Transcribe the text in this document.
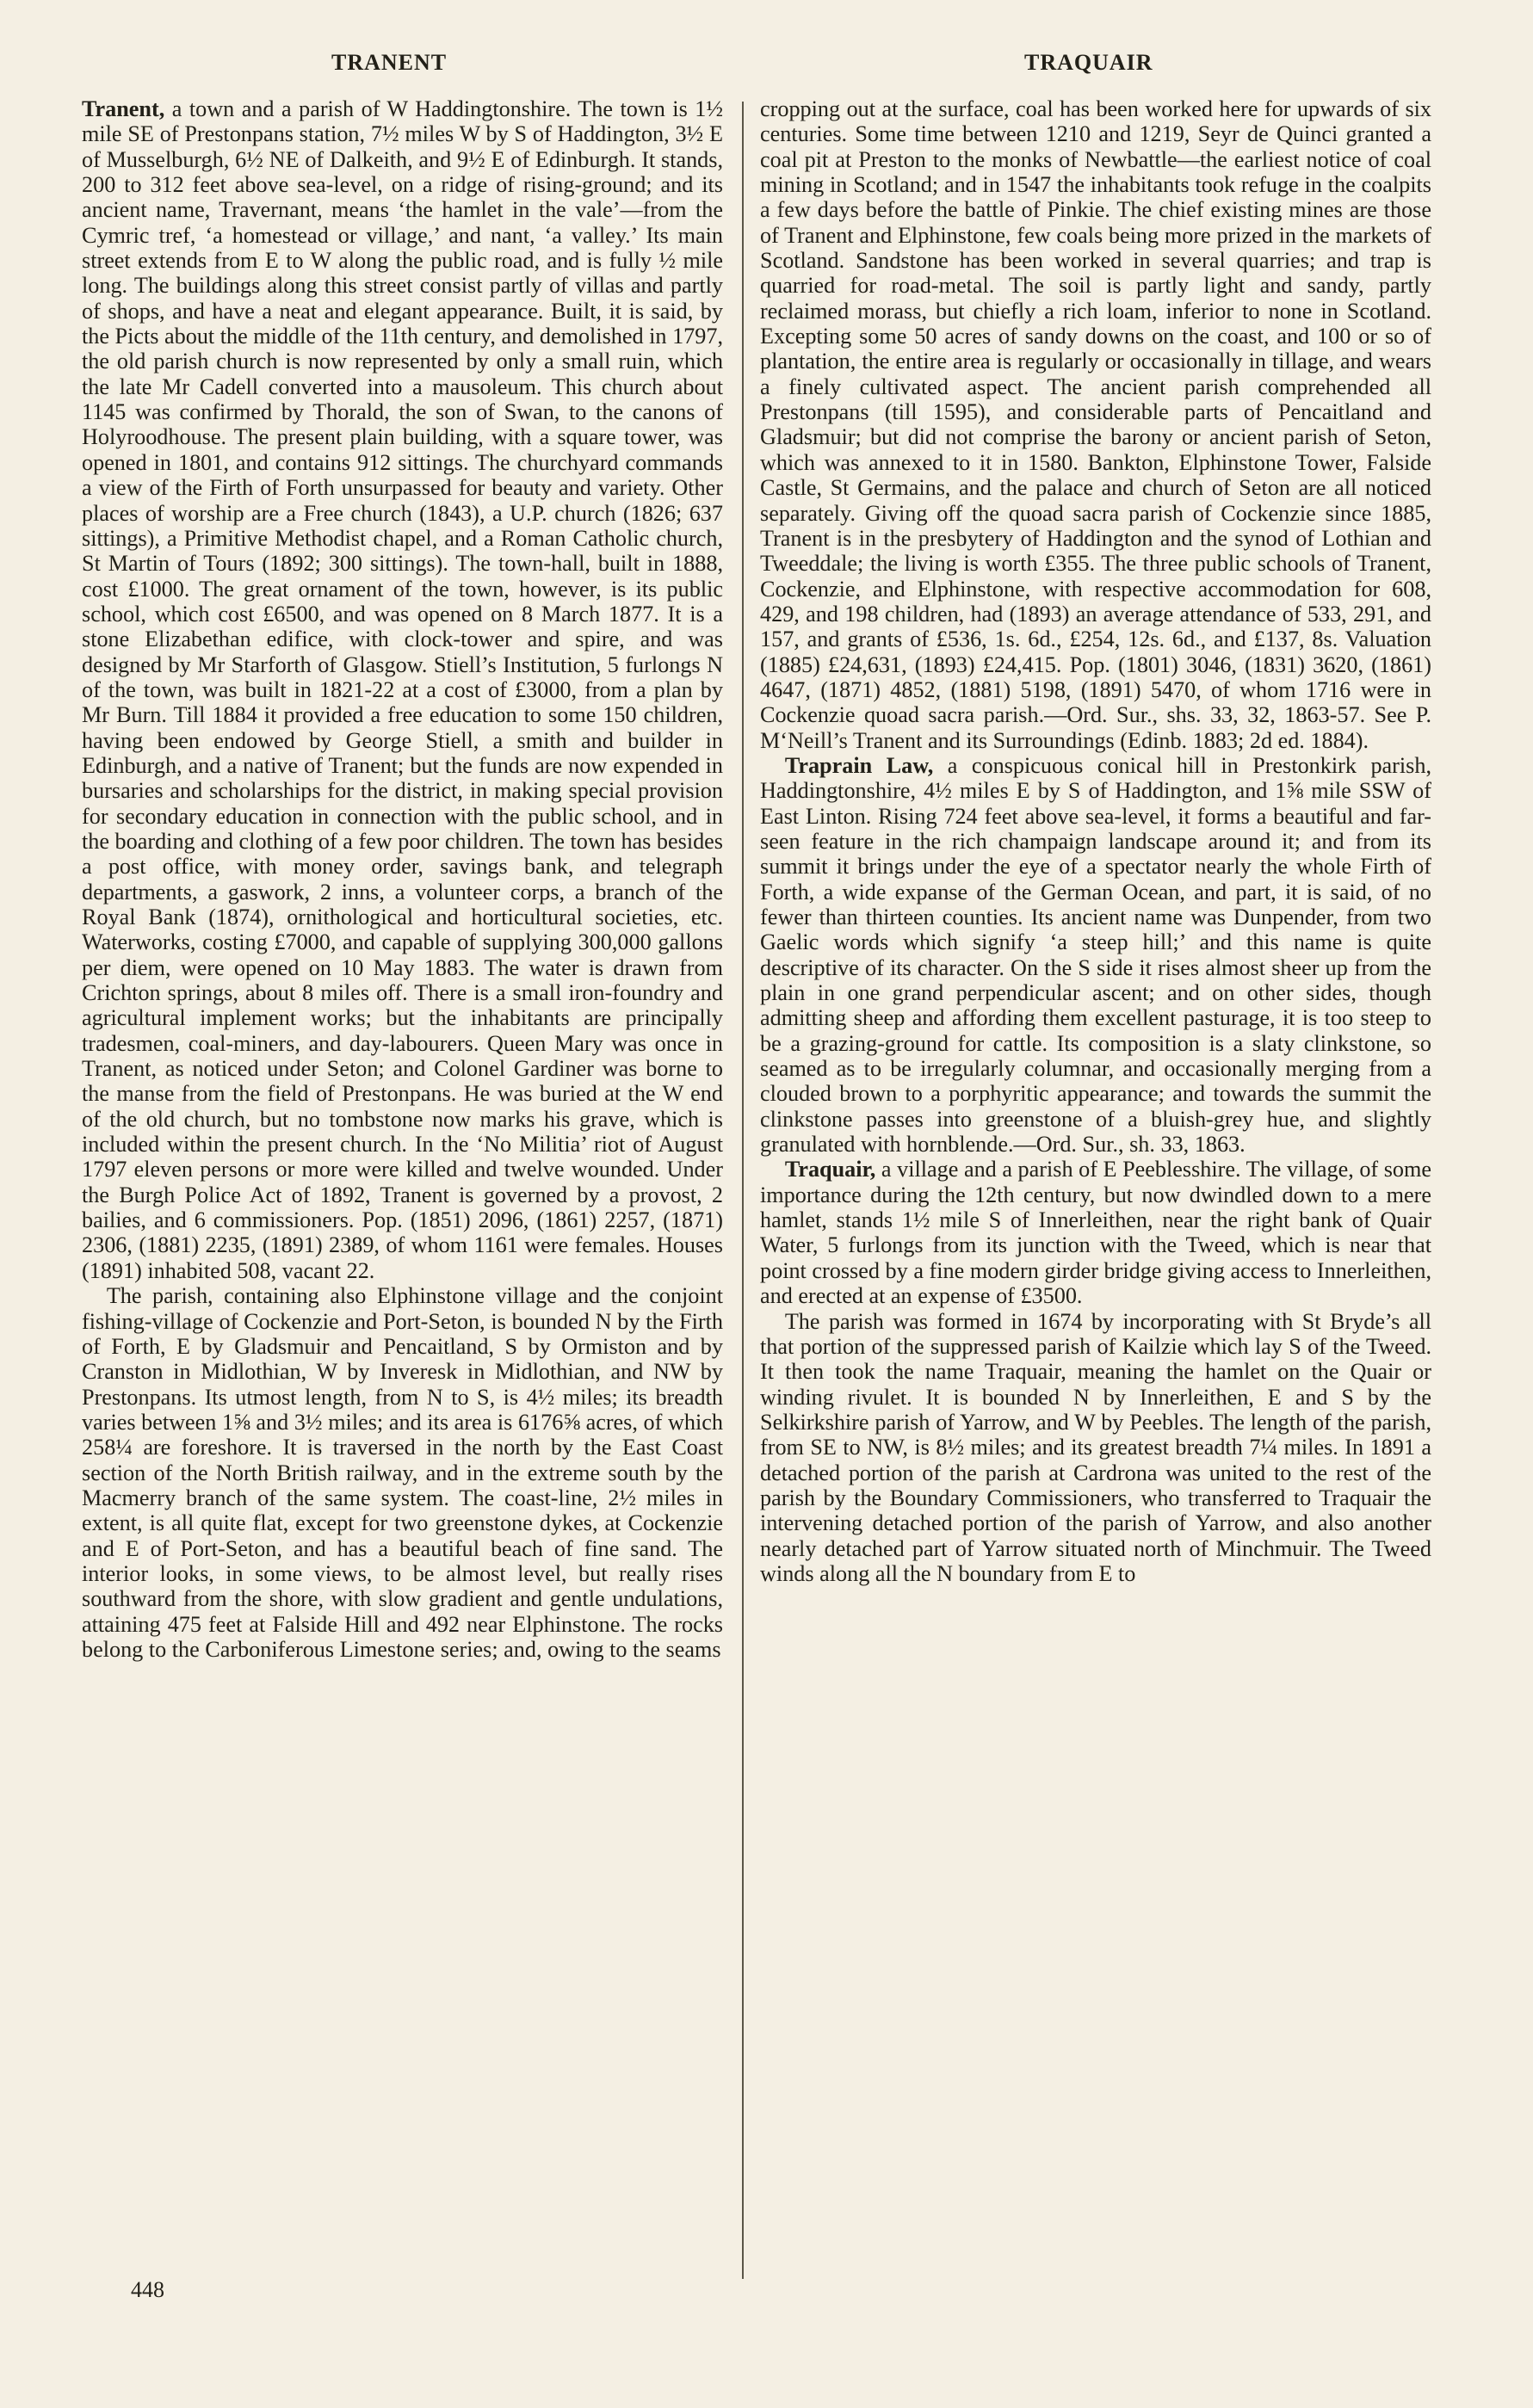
TRANENT	TRAQUAIR

Tranent, a town and a parish of W Haddingtonshire. The town is 1½ mile SE of Prestonpans station, 7½ miles W by S of Haddington, 3½ E of Musselburgh, 6½ NE of Dalkeith, and 9½ E of Edinburgh. It stands, 200 to 312 feet above sea-level, on a ridge of rising-ground; and its ancient name, Travernant, means ‘the hamlet in the vale’—from the Cymric tref, ‘a homestead or village,’ and nant, ‘a valley.’ Its main street extends from E to W along the public road, and is fully ½ mile long. The buildings along this street consist partly of villas and partly of shops, and have a neat and elegant appearance. Built, it is said, by the Picts about the middle of the 11th century, and demolished in 1797, the old parish church is now represented by only a small ruin, which the late Mr Cadell converted into a mausoleum. This church about 1145 was confirmed by Thorald, the son of Swan, to the canons of Holyroodhouse. The present plain building, with a square tower, was opened in 1801, and contains 912 sittings. The churchyard commands a view of the Firth of Forth unsurpassed for beauty and variety. Other places of worship are a Free church (1843), a U.P. church (1826; 637 sittings), a Primitive Methodist chapel, and a Roman Catholic church, St Martin of Tours (1892; 300 sittings). The town-hall, built in 1888, cost £1000. The great ornament of the town, however, is its public school, which cost £6500, and was opened on 8 March 1877. It is a stone Elizabethan edifice, with clock-tower and spire, and was designed by Mr Starforth of Glasgow. Stiell’s Institution, 5 furlongs N of the town, was built in 1821-22 at a cost of £3000, from a plan by Mr Burn. Till 1884 it provided a free education to some 150 children, having been endowed by George Stiell, a smith and builder in Edinburgh, and a native of Tranent; but the funds are now expended in bursaries and scholarships for the district, in making special provision for secondary education in connection with the public school, and in the boarding and clothing of a few poor children. The town has besides a post office, with money order, savings bank, and telegraph departments, a gaswork, 2 inns, a volunteer corps, a branch of the Royal Bank (1874), ornithological and horticultural societies, etc. Waterworks, costing £7000, and capable of supplying 300,000 gallons per diem, were opened on 10 May 1883. The water is drawn from Crichton springs, about 8 miles off. There is a small iron-foundry and agricultural implement works; but the inhabitants are principally tradesmen, coal-miners, and day-labourers. Queen Mary was once in Tranent, as noticed under Seton; and Colonel Gardiner was borne to the manse from the field of Prestonpans. He was buried at the W end of the old church, but no tombstone now marks his grave, which is included within the present church. In the ‘No Militia’ riot of August 1797 eleven persons or more were killed and twelve wounded. Under the Burgh Police Act of 1892, Tranent is governed by a provost, 2 bailies, and 6 commissioners. Pop. (1851) 2096, (1861) 2257, (1871) 2306, (1881) 2235, (1891) 2389, of whom 1161 were females. Houses (1891) inhabited 508, vacant 22.

The parish, containing also Elphinstone village and the conjoint fishing-village of Cockenzie and Port-Seton, is bounded N by the Firth of Forth, E by Gladsmuir and Pencaitland, S by Ormiston and by Cranston in Midlothian, W by Inveresk in Midlothian, and NW by Prestonpans. Its utmost length, from N to S, is 4½ miles; its breadth varies between 1⅝ and 3½ miles; and its area is 6176⅝ acres, of which 258¼ are foreshore. It is traversed in the north by the East Coast section of the North British railway, and in the extreme south by the Macmerry branch of the same system. The coast-line, 2½ miles in extent, is all quite flat, except for two greenstone dykes, at Cockenzie and E of Port-Seton, and has a beautiful beach of fine sand. The interior looks, in some views, to be almost level, but really rises southward from the shore, with slow gradient and gentle undulations, attaining 475 feet at Falside Hill and 492 near Elphinstone. The rocks belong to the Carboniferous Limestone series; and, owing to the seams

cropping out at the surface, coal has been worked here for upwards of six centuries. Some time between 1210 and 1219, Seyr de Quinci granted a coal pit at Preston to the monks of Newbattle—the earliest notice of coal mining in Scotland; and in 1547 the inhabitants took refuge in the coalpits a few days before the battle of Pinkie. The chief existing mines are those of Tranent and Elphinstone, few coals being more prized in the markets of Scotland. Sandstone has been worked in several quarries; and trap is quarried for road-metal. The soil is partly light and sandy, partly reclaimed morass, but chiefly a rich loam, inferior to none in Scotland. Excepting some 50 acres of sandy downs on the coast, and 100 or so of plantation, the entire area is regularly or occasionally in tillage, and wears a finely cultivated aspect. The ancient parish comprehended all Prestonpans (till 1595), and considerable parts of Pencaitland and Gladsmuir; but did not comprise the barony or ancient parish of Seton, which was annexed to it in 1580. Bankton, Elphinstone Tower, Falside Castle, St Germains, and the palace and church of Seton are all noticed separately. Giving off the quoad sacra parish of Cockenzie since 1885, Tranent is in the presbytery of Haddington and the synod of Lothian and Tweeddale; the living is worth £355. The three public schools of Tranent, Cockenzie, and Elphinstone, with respective accommodation for 608, 429, and 198 children, had (1893) an average attendance of 533, 291, and 157, and grants of £536, 1s. 6d., £254, 12s. 6d., and £137, 8s. Valuation (1885) £24,631, (1893) £24,415. Pop. (1801) 3046, (1831) 3620, (1861) 4647, (1871) 4852, (1881) 5198, (1891) 5470, of whom 1716 were in Cockenzie quoad sacra parish.—Ord. Sur., shs. 33, 32, 1863-57. See P. M‘Neill’s Tranent and its Surroundings (Edinb. 1883; 2d ed. 1884).

Traprain Law, a conspicuous conical hill in Prestonkirk parish, Haddingtonshire, 4½ miles E by S of Haddington, and 1⅝ mile SSW of East Linton. Rising 724 feet above sea-level, it forms a beautiful and far-seen feature in the rich champaign landscape around it; and from its summit it brings under the eye of a spectator nearly the whole Firth of Forth, a wide expanse of the German Ocean, and part, it is said, of no fewer than thirteen counties. Its ancient name was Dunpender, from two Gaelic words which signify ‘a steep hill;’ and this name is quite descriptive of its character. On the S side it rises almost sheer up from the plain in one grand perpendicular ascent; and on other sides, though admitting sheep and affording them excellent pasturage, it is too steep to be a grazing-ground for cattle. Its composition is a slaty clinkstone, so seamed as to be irregularly columnar, and occasionally merging from a clouded brown to a porphyritic appearance; and towards the summit the clinkstone passes into greenstone of a bluish-grey hue, and slightly granulated with hornblende.—Ord. Sur., sh. 33, 1863.

Traquair, a village and a parish of E Peeblesshire. The village, of some importance during the 12th century, but now dwindled down to a mere hamlet, stands 1½ mile S of Innerleithen, near the right bank of Quair Water, 5 furlongs from its junction with the Tweed, which is near that point crossed by a fine modern girder bridge giving access to Innerleithen, and erected at an expense of £3500.

The parish was formed in 1674 by incorporating with St Bryde’s all that portion of the suppressed parish of Kailzie which lay S of the Tweed. It then took the name Traquair, meaning the hamlet on the Quair or winding rivulet. It is bounded N by Innerleithen, E and S by the Selkirkshire parish of Yarrow, and W by Peebles. The length of the parish, from SE to NW, is 8½ miles; and its greatest breadth 7¼ miles. In 1891 a detached portion of the parish at Cardrona was united to the rest of the parish by the Boundary Commissioners, who transferred to Traquair the intervening detached portion of the parish of Yarrow, and also another nearly detached part of Yarrow situated north of Minchmuir. The Tweed winds along all the N boundary from E to

448
